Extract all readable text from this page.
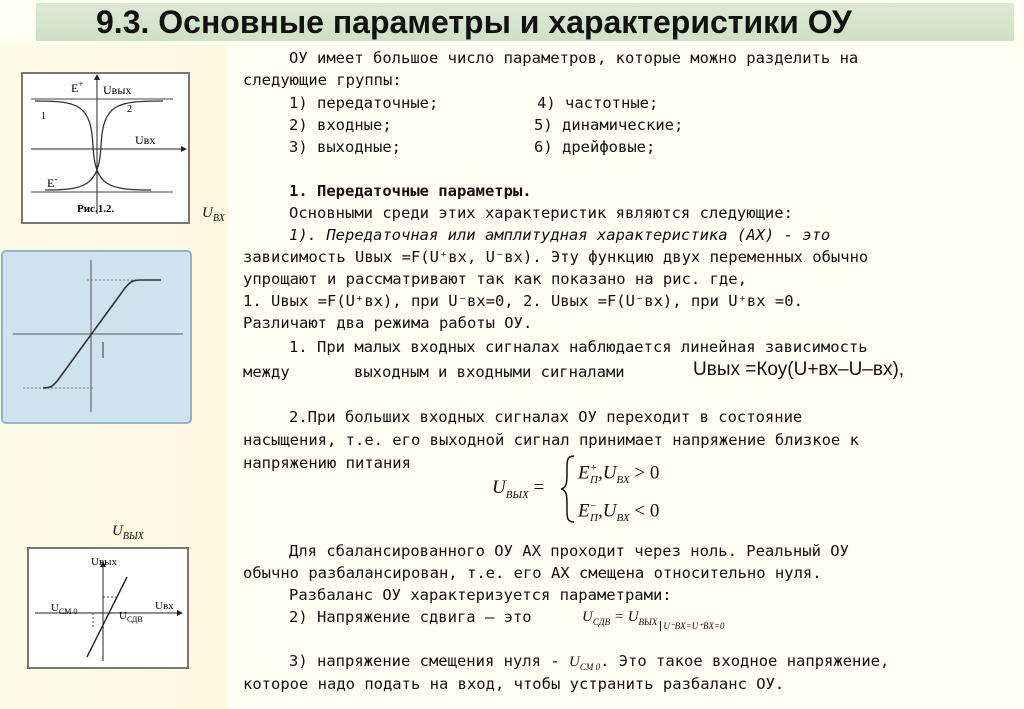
9.3. Основные параметры и характеристики ОУ
E+ Uвых
Uвх
E-
1
2
Рис.1.2.	$U_{ВХ}$
$U_{ВЫХ}$
Uвых
Uвх
$U_{СМ 0}$	$U_{СДВ}$
ОУ имеет большое число параметров, которые можно разделить на
следующие группы:
1) передаточные;
2) входные;
3) выходные;
4) частотные;
5) динамические;
6) дрейфовые;
1. Передаточные параметры.
Основными среди этих характеристик являются следующие:
1). Передаточная или амплитудная характеристика (АХ) - это
зависимость Uвых =F(U⁺вх, U⁻вх). Эту функцию двух переменных обычно
упрощают и рассматривают так как показано на рис. где,
1. Uвых =F(U⁺вх), при U⁻вх=0, 2. Uвых =F(U⁻вх), при U⁺вх =0.
Различают два режима работы ОУ.
1. При малых входных сигналах наблюдается линейная зависимость
между	выходным и входными сигналами	Uвых =Коу(U+вх–U–вх),
2.При больших входных сигналах ОУ переходит в состояние
насыщения, т.е. его выходной сигнал принимает напряжение близкое к
напряжению питания
$U_{ВЫХ}$ =
$E^+_П,U_{ВХ} > 0$
$E^-_П,U_{ВХ} < 0$
Для сбалансированного ОУ АХ проходит через ноль. Реальный ОУ
обычно разбалансирован, т.е. его АХ смещена относительно нуля.
Разбаланс ОУ характеризуется параметрами:
2) Напряжение сдвига – это	$U_{СДВ} = U_{ВЫХ}$ $_{U^-BX=U^+BX=0}$
3) напряжение смещения нуля - $U_{СМ 0}$. Это такое входное напряжение,
которое надо подать на вход, чтобы устранить разбаланс ОУ.
